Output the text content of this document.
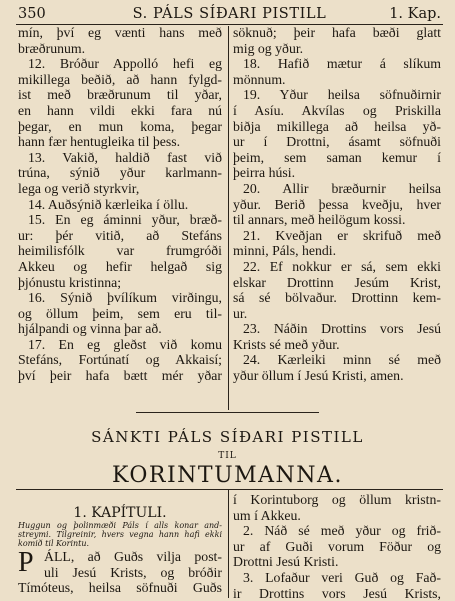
350	S. PÁLS SÍÐARI PISTILL	1. Kap.
mín, því eg vænti hans með
bræðrunum.
12. Bróður Appolló hefi eg
mikillega beðið, að hann fylgd-
ist með bræðrunum til yðar,
en hann vildi ekki fara nú
þegar, en mun koma, þegar
hann fær hentugleika til þess.
13. Vakið, haldið fast við
trúna, sýnið yður karlmann-
lega og verið styrkvir,
14. Auðsýnið kærleika í öllu.
15. En eg áminni yður, bræð-
ur: þér vitið, að Stefáns
heimilisfólk var frumgróði
Akkeu og hefir helgað sig
þjónustu kristinna;
16. Sýnið þvílíkum virðingu,
og öllum þeim, sem eru til-
hjálpandi og vinna þar að.
17. En eg gleðst við komu
Stefáns, Fortúnatí og Akkaisí;
því þeir hafa bætt mér yðar
söknuð; þeir hafa bæði glatt
mig og yður.
18. Hafið mætur á slíkum
mönnum.
19. Yður heilsa söfnuðirnir
í Asíu. Akvílas og Priskilla
biðja mikillega að heilsa yð-
ur í Drottni, ásamt söfnuði
þeim, sem saman kemur í
þeirra húsi.
20. Allir bræðurnir heilsa
yður. Berið þessa kveðju, hver
til annars, með heilögum kossi.
21. Kveðjan er skrifuð með
minni, Páls, hendi.
22. Ef nokkur er sá, sem ekki
elskar Drottinn Jesúm Krist,
sá sé bölvaður. Drottinn kem-
ur.
23. Náðin Drottins vors Jesú
Krists sé með yður.
24. Kærleiki minn sé með
yður öllum í Jesú Kristi, amen.
SÁNKTI PÁLS SÍÐARI PISTILL
TIL
KORINTUMANNA.
1. KAPÍTULI.
Huggun og þolinmæði Páls í alls konar and-
streymi. Tilgreinir, hvers vegna hann hafi ekki
komið til Korintu.
P ÁLL, að Guðs vilja post-
uli Jesú Krists, og bróðir
Tímóteus, heilsa söfnuði Guðs
í Korintuborg og öllum kristn-
um í Akkeu.
2. Náð sé með yður og frið-
ur af Guði vorum Föður og
Drottni Jesú Kristi.
3. Lofaður veri Guð og Fað-
ir Drottins vors Jesú Krists,
